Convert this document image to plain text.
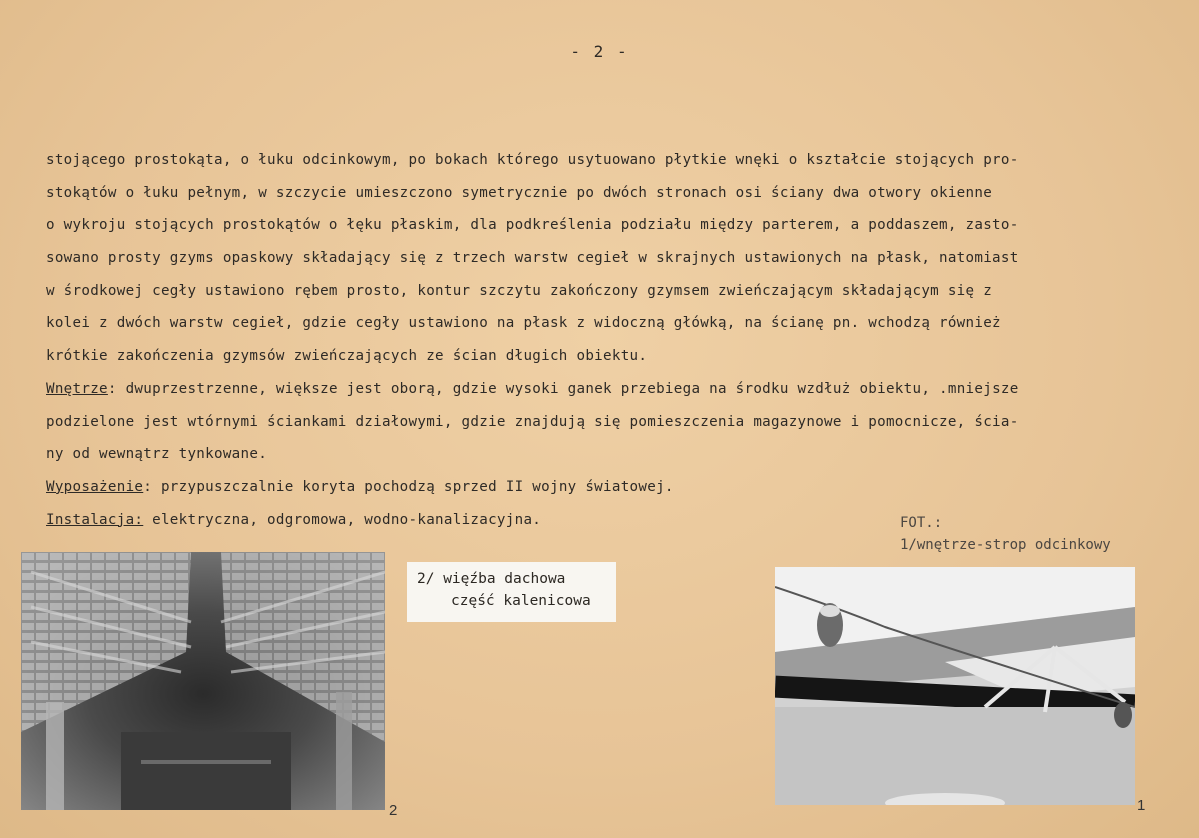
- 2 -
stojącego prostokąta, o łuku odcinkowym, po bokach którego usytuowano płytkie wnęki o kształcie stojących pro-
stokątów o łuku pełnym, w szczycie umieszczono symetrycznie po dwóch stronach osi ściany dwa otwory okienne
o wykroju stojących prostokątów o łęku płaskim, dla podkreślenia podziału między parterem, a poddaszem, zasto-
sowano prosty gzyms opaskowy składający się z trzech warstw cegieł w skrajnych ustawionych na płask, natomiast
w środkowej cegły ustawiono rębem prosto, kontur szczytu zakończony gzymsem zwieńczającym składającym się z
kolei z dwóch warstw cegieł, gdzie cegły ustawiono na płask z widoczną główką, na ścianę pn. wchodzą również
krótkie zakończenia gzymsów zwieńczających ze ścian długich obiektu.
Wnętrze: dwuprzestrzenne, większe jest oborą, gdzie wysoki ganek przebiega na środku wzdłuż obiektu, .mniejsze
podzielone jest wtórnymi ściankami działowymi, gdzie znajdują się pomieszczenia magazynowe i pomocnicze, ścia-
ny od wewnątrz tynkowane.
Wyposażenie: przypuszczalnie koryta pochodzą sprzed II wojny światowej.
Instalacja: elektryczna, odgromowa, wodno-kanalizacyjna.	FOT.:
1/wnętrze-strop odcinkowy
2
2/ więźba dachowa
część kalenicowa
1
